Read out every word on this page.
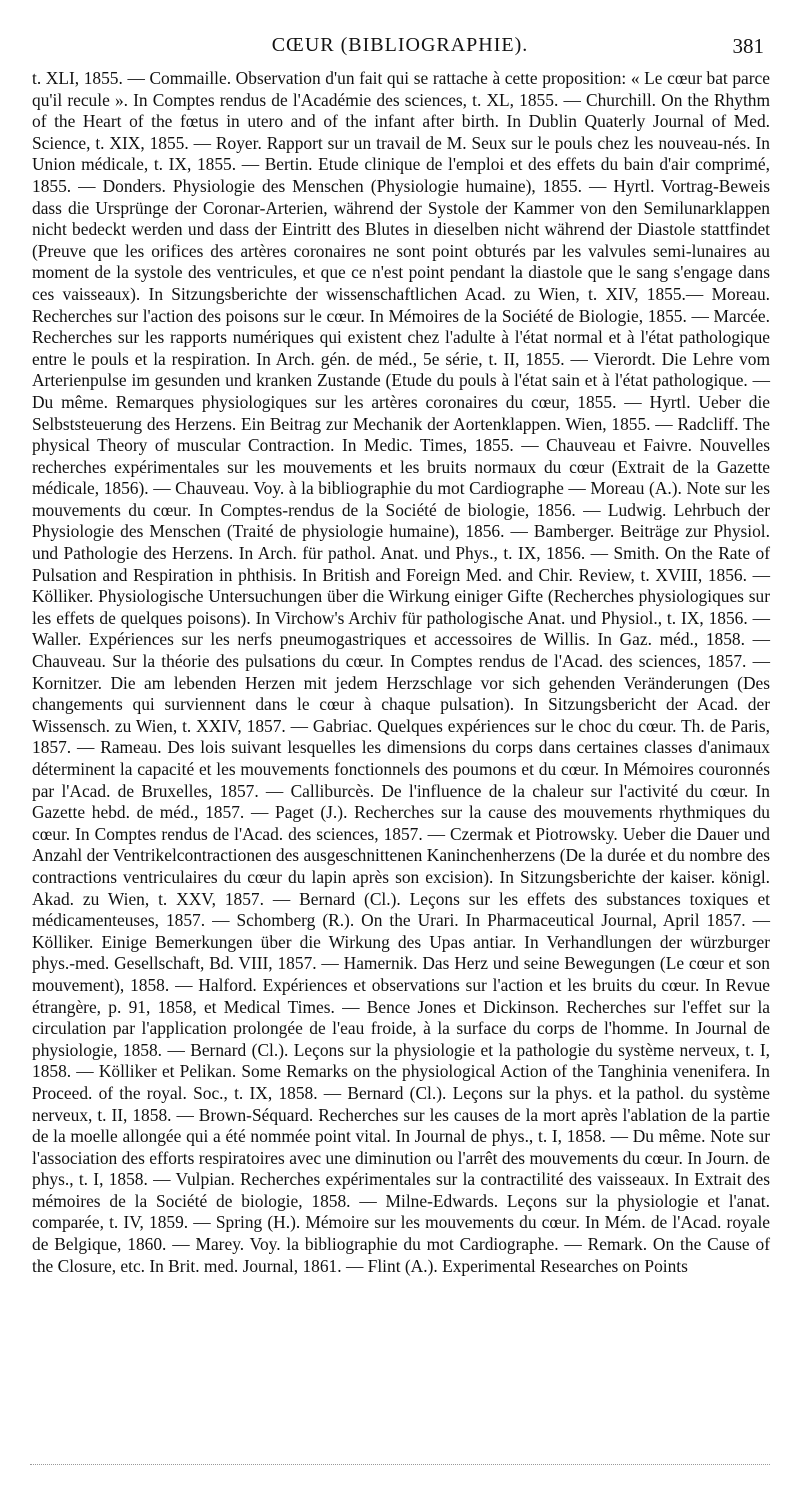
CŒUR (BIBLIOGRAPHIE).	381

t. XLI, 1855. — Commaille. Observation d'un fait qui se rattache à cette proposition: « Le cœur bat parce qu'il recule ». In Comptes rendus de l'Académie des sciences, t. XL, 1855. — Churchill. On the Rhythm of the Heart of the fœtus in utero and of the infant after birth. In Dublin Quaterly Journal of Med. Science, t. XIX, 1855. — Royer. Rapport sur un travail de M. Seux sur le pouls chez les nouveau-nés. In Union médicale, t. IX, 1855. — Bertin. Etude clinique de l'emploi et des effets du bain d'air comprimé, 1855. — Donders. Physiologie des Menschen (Physiologie humaine), 1855. — Hyrtl. Vortrag-Beweis dass die Ursprünge der Coronar-Arterien, während der Systole der Kammer von den Semilunarklappen nicht bedeckt werden und dass der Eintritt des Blutes in dieselben nicht während der Diastole stattfindet (Preuve que les orifices des artères coronaires ne sont point obturés par les valvules semi-lunaires au moment de la systole des ventricules, et que ce n'est point pendant la diastole que le sang s'engage dans ces vaisseaux). In Sitzungsberichte der wissenschaftlichen Acad. zu Wien, t. XIV, 1855.— Moreau. Recherches sur l'action des poisons sur le cœur. In Mémoires de la Société de Biologie, 1855. — Marcée. Recherches sur les rapports numériques qui existent chez l'adulte à l'état normal et à l'état pathologique entre le pouls et la respiration. In Arch. gén. de méd., 5e série, t. II, 1855. — Vierordt. Die Lehre vom Arterienpulse im gesunden und kranken Zustande (Etude du pouls à l'état sain et à l'état pathologique. — Du même. Remarques physiologiques sur les artères coronaires du cœur, 1855. — Hyrtl. Ueber die Selbststeuerung des Herzens. Ein Beitrag zur Mechanik der Aortenklappen. Wien, 1855. — Radcliff. The physical Theory of muscular Contraction. In Medic. Times, 1855. — Chauveau et Faivre. Nouvelles recherches expérimentales sur les mouvements et les bruits normaux du cœur (Extrait de la Gazette médicale, 1856). — Chauveau. Voy. à la bibliographie du mot Cardiographe — Moreau (A.). Note sur les mouvements du cœur. In Comptes-rendus de la Société de biologie, 1856. — Ludwig. Lehrbuch der Physiologie des Menschen (Traité de physiologie humaine), 1856. — Bamberger. Beiträge zur Physiol. und Pathologie des Herzens. In Arch. für pathol. Anat. und Phys., t. IX, 1856. — Smith. On the Rate of Pulsation and Respiration in phthisis. In British and Foreign Med. and Chir. Review, t. XVIII, 1856. — Kölliker. Physiologische Untersuchungen über die Wirkung einiger Gifte (Recherches physiologiques sur les effets de quelques poisons). In Virchow's Archiv für pathologische Anat. und Physiol., t. IX, 1856. — Waller. Expériences sur les nerfs pneumogastriques et accessoires de Willis. In Gaz. méd., 1858. — Chauveau. Sur la théorie des pulsations du cœur. In Comptes rendus de l'Acad. des sciences, 1857. — Kornitzer. Die am lebenden Herzen mit jedem Herzschlage vor sich gehenden Veränderungen (Des changements qui surviennent dans le cœur à chaque pulsation). In Sitzungsbericht der Acad. der Wissensch. zu Wien, t. XXIV, 1857. — Gabriac. Quelques expériences sur le choc du cœur. Th. de Paris, 1857. — Rameau. Des lois suivant lesquelles les dimensions du corps dans certaines classes d'animaux déterminent la capacité et les mouvements fonctionnels des poumons et du cœur. In Mémoires couronnés par l'Acad. de Bruxelles, 1857. — Calliburcès. De l'influence de la chaleur sur l'activité du cœur. In Gazette hebd. de méd., 1857. — Paget (J.). Recherches sur la cause des mouvements rhythmiques du cœur. In Comptes rendus de l'Acad. des sciences, 1857. — Czermak et Piotrowsky. Ueber die Dauer und Anzahl der Ventrikelcontractionen des ausgeschnittenen Kaninchenherzens (De la durée et du nombre des contractions ventriculaires du cœur du lapin après son excision). In Sitzungsberichte der kaiser. königl. Akad. zu Wien, t. XXV, 1857. — Bernard (Cl.). Leçons sur les effets des substances toxiques et médicamenteuses, 1857. — Schomberg (R.). On the Urari. In Pharmaceutical Journal, April 1857. — Kölliker. Einige Bemerkungen über die Wirkung des Upas antiar. In Verhandlungen der würzburger phys.-med. Gesellschaft, Bd. VIII, 1857. — Hamernik. Das Herz und seine Bewegungen (Le cœur et son mouvement), 1858. — Halford. Expériences et observations sur l'action et les bruits du cœur. In Revue étrangère, p. 91, 1858, et Medical Times. — Bence Jones et Dickinson. Recherches sur l'effet sur la circulation par l'application prolongée de l'eau froide, à la surface du corps de l'homme. In Journal de physiologie, 1858. — Bernard (Cl.). Leçons sur la physiologie et la pathologie du système nerveux, t. I, 1858. — Kölliker et Pelikan. Some Remarks on the physiological Action of the Tanghinia venenifera. In Proceed. of the royal. Soc., t. IX, 1858. — Bernard (Cl.). Leçons sur la phys. et la pathol. du système nerveux, t. II, 1858. — Brown-Séquard. Recherches sur les causes de la mort après l'ablation de la partie de la moelle allongée qui a été nommée point vital. In Journal de phys., t. I, 1858. — Du même. Note sur l'association des efforts respiratoires avec une diminution ou l'arrêt des mouvements du cœur. In Journ. de phys., t. I, 1858. — Vulpian. Recherches expérimentales sur la contractilité des vaisseaux. In Extrait des mémoires de la Société de biologie, 1858. — Milne-Edwards. Leçons sur la physiologie et l'anat. comparée, t. IV, 1859. — Spring (H.). Mémoire sur les mouvements du cœur. In Mém. de l'Acad. royale de Belgique, 1860. — Marey. Voy. la bibliographie du mot Cardiographe. — Remark. On the Cause of the Closure, etc. In Brit. med. Journal, 1861. — Flint (A.). Experimental Researches on Points
